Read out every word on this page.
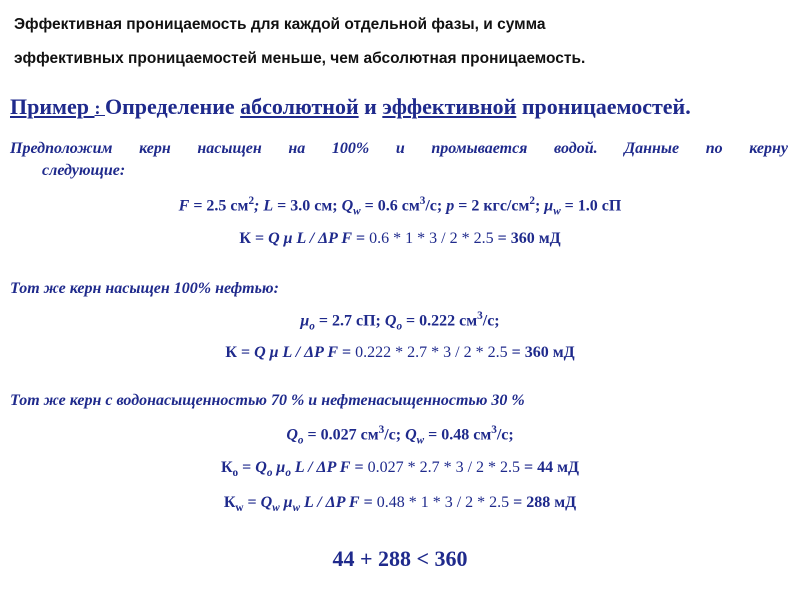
Эффективная проницаемость для каждой отдельной фазы, и сумма
эффективных проницаемостей меньше, чем абсолютная проницаемость.
Пример : Определение абсолютной и эффективной проницаемостей.
Предположим керн насыщен на 100% и промывается водой. Данные по керну
следующие:
F = 2.5 $см^2$; L = 3.0 см; $Q_w = 0.6$ $см^3/с$; p = 2 кгс/$см^2$; $\mu_w = 1.0$ сП
К = Q μ L / ΔP F = 0.6 * 1 * 3 / 2 * 2.5 = 360 мД
Тот же керн насыщен 100% нефтью:
$\mu_o = 2.7$ сП; $Q_o = 0.222$ $см^3/с$;
К = Q μ L / ΔP F = 0.222 * 2.7 * 3 / 2 * 2.5 = 360 мД
Тот же керн с водонасыщенностью 70 % и нефтенасыщенностью 30 %
$Q_o = 0.027$ $см^3/с$; $Q_w = 0.48$ $см^3/с$;
$К_o = Q_o$ $\mu_o$ L / ΔP F = 0.027 * 2.7 * 3 / 2 * 2.5 = 44 мД
$К_w = Q_w$ $\mu_w$ L / ΔP F = 0.48 * 1 * 3 / 2 * 2.5 = 288 мД
44 + 288 < 360
